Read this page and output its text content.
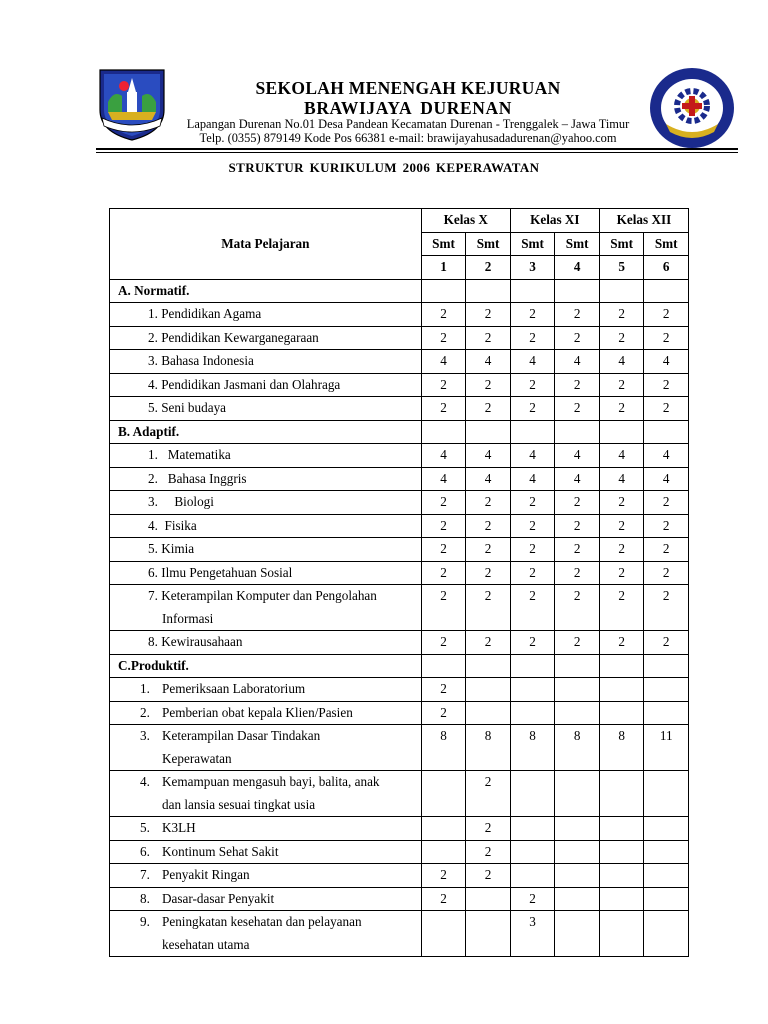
SEKOLAH MENENGAH KEJURUAN
BRAWIJAYA DURENAN
Lapangan Durenan No.01 Desa Pandean Kecamatan Durenan - Trenggalek – Jawa Timur
Telp. (0355) 879149 Kode Pos 66381 e-mail: brawijayahusadadurenan@yahoo.com
STRUKTUR KURIKULUM 2006 KEPERAWATAN
Mata Pelajaran	Kelas X		Kelas XI		Kelas XII	
	Smt	Smt	Smt	Smt	Smt	Smt
	1	2	3	4	5	6
A. Normatif.						
1. Pendidikan Agama	2	2	2	2	2	2
2. Pendidikan Kewarganegaraan	2	2	2	2	2	2
3. Bahasa Indonesia	4	4	4	4	4	4
4. Pendidikan Jasmani dan Olahraga	2	2	2	2	2	2
5. Seni budaya	2	2	2	2	2	2
B. Adaptif.						
1.   Matematika	4	4	4	4	4	4
2.   Bahasa Inggris	4	4	4	4	4	4
3.     Biologi	2	2	2	2	2	2
4.  Fisika	2	2	2	2	2	2
5. Kimia	2	2	2	2	2	2
6. Ilmu Pengetahuan Sosial	2	2	2	2	2	2
7. Keterampilan Komputer dan Pengolahan
Informasi	2	2	2	2	2	2
8. Kewirausahaan	2	2	2	2	2	2
C.Produktif.						
1. Pemeriksaan Laboratorium	2					
2. Pemberian obat kepala Klien/Pasien	2					
3. Keterampilan Dasar Tindakan
Keperawatan	8	8	8	8	8	11
4. Kemampuan mengasuh bayi, balita, anak
dan lansia sesuai tingkat usia		2				
5. K3LH		2				
6. Kontinum Sehat Sakit		2				
7. Penyakit Ringan	2	2				
8. Dasar-dasar Penyakit	2		2			
9. Peningkatan kesehatan dan pelayanan
kesehatan utama			3			
